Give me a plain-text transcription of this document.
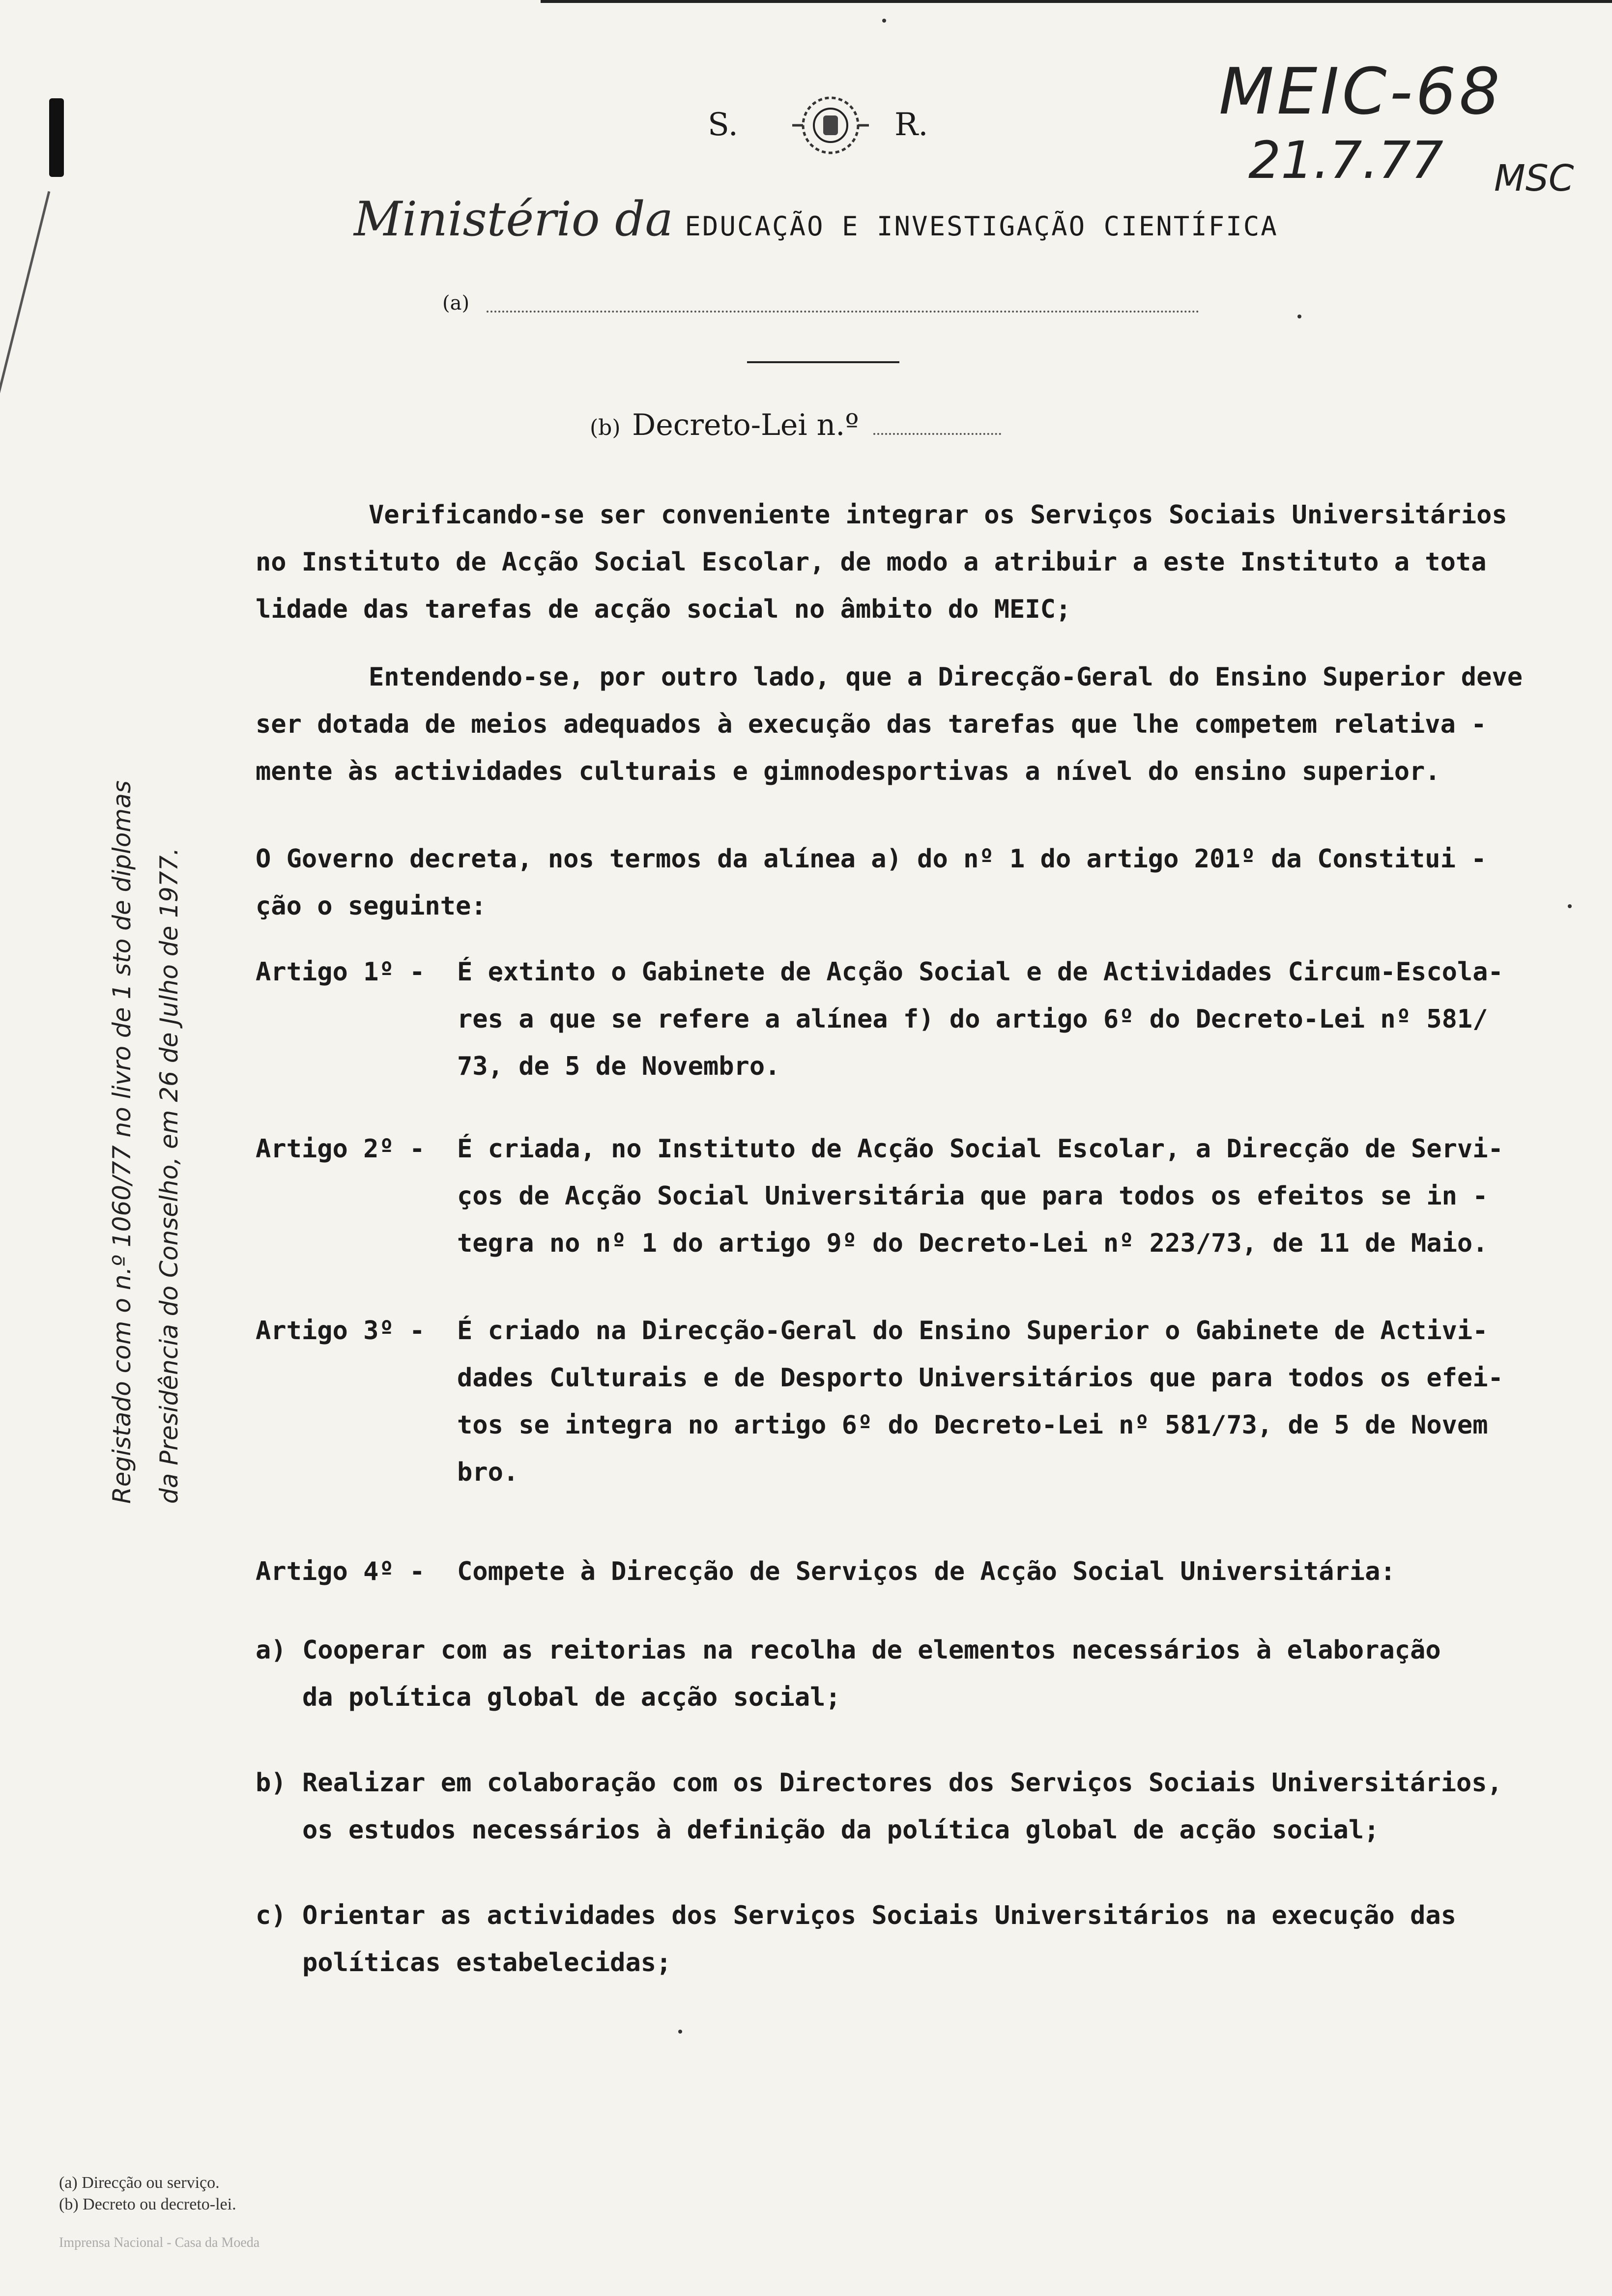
MEIC-68
21.7.77 MSC
S.	R.
Ministério da EDUCAÇÃO E INVESTIGAÇÃO CIENTÍFICA
(a)
(b) Decreto-Lei n.º
Registado com o n.º 1060/77 no livro de 1 sto de diplomas da Presidência do Conselho, em 26 de Julho de 1977.

Verificando-se ser conveniente integrar os Serviços Sociais Universitários

no Instituto de Acção Social Escolar, de modo a atribuir a este Instituto a tota

lidade das tarefas de acção social no âmbito do MEIC;

Entendendo-se, por outro lado, que a Direcção-Geral do Ensino Superior deve

ser dotada de meios adequados à execução das tarefas que lhe competem relativa -

mente às actividades culturais e gimnodesportivas a nível do ensino superior.

O Governo decreta, nos termos da alínea a) do nº 1 do artigo 201º da Constitui -

ção o seguinte:

Artigo 1º -	É extinto o Gabinete de Acção Social e de Actividades Circum-Escola-

res a que se refere a alínea f) do artigo 6º do Decreto-Lei nº 581/

73, de 5 de Novembro.

Artigo 2º -	É criada, no Instituto de Acção Social Escolar, a Direcção de Servi-

ços de Acção Social Universitária que para todos os efeitos se in -

tegra no nº 1 do artigo 9º do Decreto-Lei nº 223/73, de 11 de Maio.

Artigo 3º -	É criado na Direcção-Geral do Ensino Superior o Gabinete de Activi-

dades Culturais e de Desporto Universitários que para todos os efei-

tos se integra no artigo 6º do Decreto-Lei nº 581/73, de 5 de Novem

bro.

Artigo 4º -	Compete à Direcção de Serviços de Acção Social Universitária:

a) Cooperar com as reitorias na recolha de elementos necessários à elaboração

da política global de acção social;

b) Realizar em colaboração com os Directores dos Serviços Sociais Universitários,

os estudos necessários à definição da política global de acção social;

c) Orientar as actividades dos Serviços Sociais Universitários na execução das

políticas estabelecidas;

(a) Direcção ou serviço.
(b) Decreto ou decreto-lei.
Imprensa Nacional - Casa da Moeda
